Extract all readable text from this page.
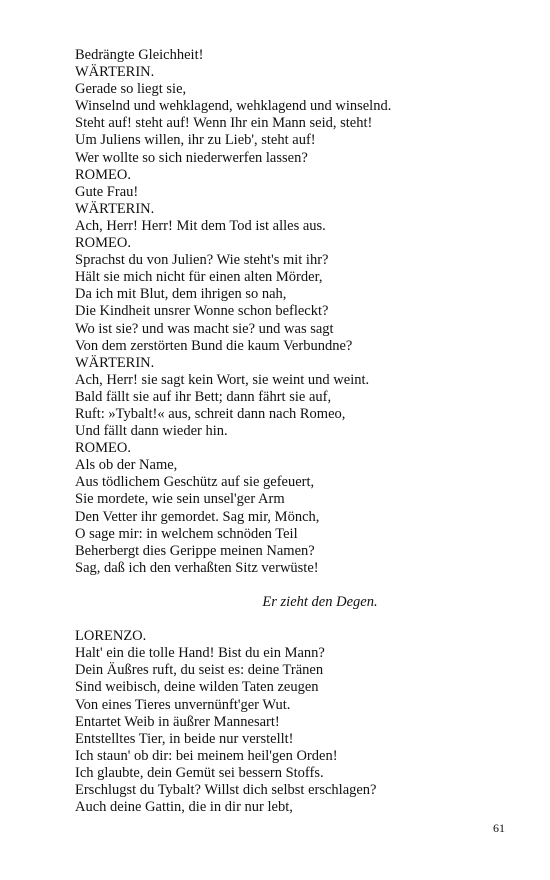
Bedrängte Gleichheit!
WÄRTERIN.
Gerade so liegt sie,
Winselnd und wehklagend, wehklagend und winselnd.
Steht auf! steht auf! Wenn Ihr ein Mann seid, steht!
Um Juliens willen, ihr zu Lieb', steht auf!
Wer wollte so sich niederwerfen lassen?
ROMEO.
Gute Frau!
WÄRTERIN.
Ach, Herr! Herr! Mit dem Tod ist alles aus.
ROMEO.
Sprachst du von Julien? Wie steht's mit ihr?
Hält sie mich nicht für einen alten Mörder,
Da ich mit Blut, dem ihrigen so nah,
Die Kindheit unsrer Wonne schon befleckt?
Wo ist sie? und was macht sie? und was sagt
Von dem zerstörten Bund die kaum Verbundne?
WÄRTERIN.
Ach, Herr! sie sagt kein Wort, sie weint und weint.
Bald fällt sie auf ihr Bett; dann fährt sie auf,
Ruft: »Tybalt!« aus, schreit dann nach Romeo,
Und fällt dann wieder hin.
ROMEO.
Als ob der Name,
Aus tödlichem Geschütz auf sie gefeuert,
Sie mordete, wie sein unsel'ger Arm
Den Vetter ihr gemordet. Sag mir, Mönch,
O sage mir: in welchem schnöden Teil
Beherbergt dies Gerippe meinen Namen?
Sag, daß ich den verhaßten Sitz verwüste!
Er zieht den Degen.
LORENZO.
Halt' ein die tolle Hand! Bist du ein Mann?
Dein Äußres ruft, du seist es: deine Tränen
Sind weibisch, deine wilden Taten zeugen
Von eines Tieres unvernünft'ger Wut.
Entartet Weib in äußrer Mannesart!
Entstelltes Tier, in beide nur verstellt!
Ich staun' ob dir: bei meinem heil'gen Orden!
Ich glaubte, dein Gemüt sei bessern Stoffs.
Erschlugst du Tybalt? Willst dich selbst erschlagen?
Auch deine Gattin, die in dir nur lebt,
61
